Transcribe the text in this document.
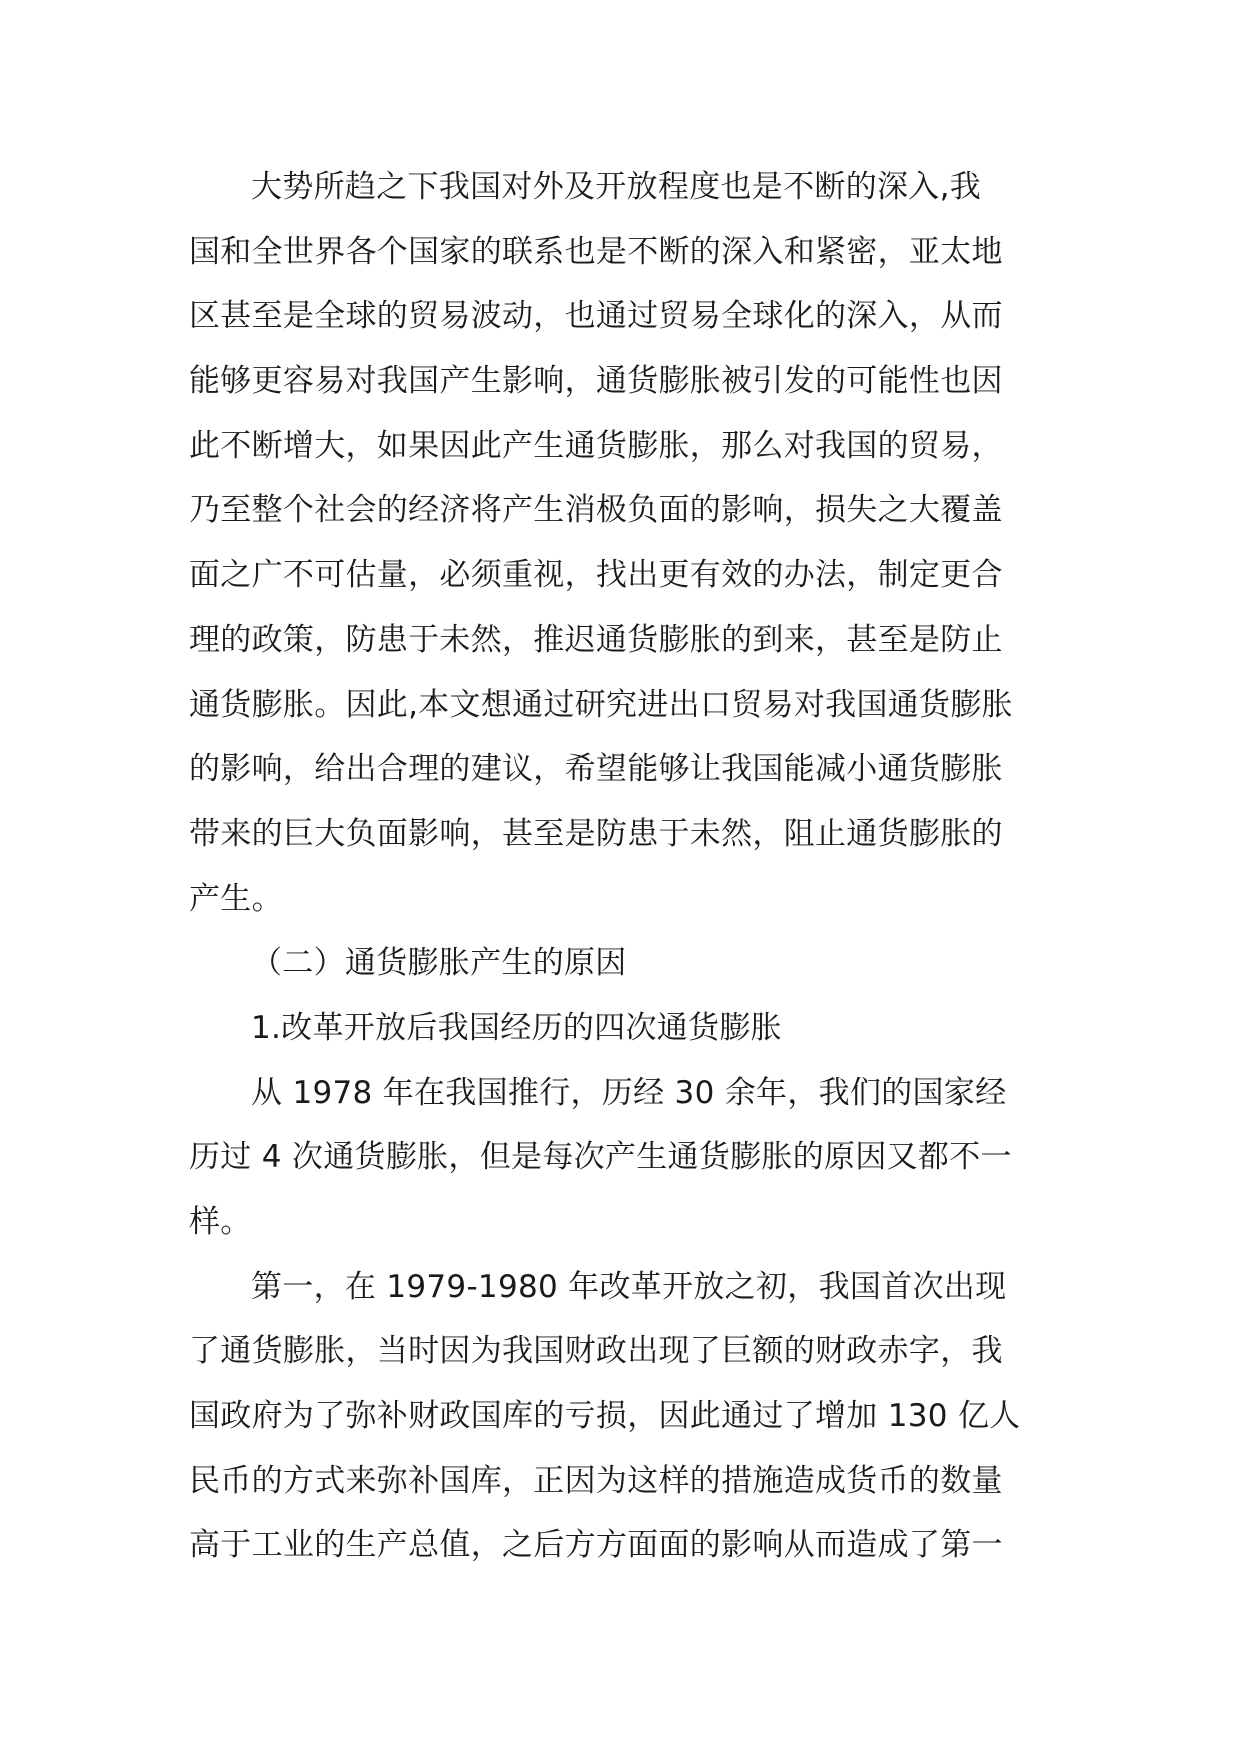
大势所趋之下我国对外及开放程度也是不断的深入,我
国和全世界各个国家的联系也是不断的深入和紧密，亚太地
区甚至是全球的贸易波动，也通过贸易全球化的深入，从而
能够更容易对我国产生影响，通货膨胀被引发的可能性也因
此不断增大，如果因此产生通货膨胀，那么对我国的贸易，
乃至整个社会的经济将产生消极负面的影响，损失之大覆盖
面之广不可估量，必须重视，找出更有效的办法，制定更合
理的政策，防患于未然，推迟通货膨胀的到来，甚至是防止
通货膨胀。因此,本文想通过研究进出口贸易对我国通货膨胀
的影响，给出合理的建议，希望能够让我国能减小通货膨胀
带来的巨大负面影响，甚至是防患于未然，阻止通货膨胀的
产生。
（二）通货膨胀产生的原因
1.改革开放后我国经历的四次通货膨胀
从 1978 年在我国推行，历经 30 余年，我们的国家经
历过 4 次通货膨胀，但是每次产生通货膨胀的原因又都不一
样。
第一，在 1979-1980 年改革开放之初，我国首次出现
了通货膨胀，当时因为我国财政出现了巨额的财政赤字，我
国政府为了弥补财政国库的亏损，因此通过了增加 130 亿人
民币的方式来弥补国库，正因为这样的措施造成货币的数量
高于工业的生产总值，之后方方面面的影响从而造成了第一
